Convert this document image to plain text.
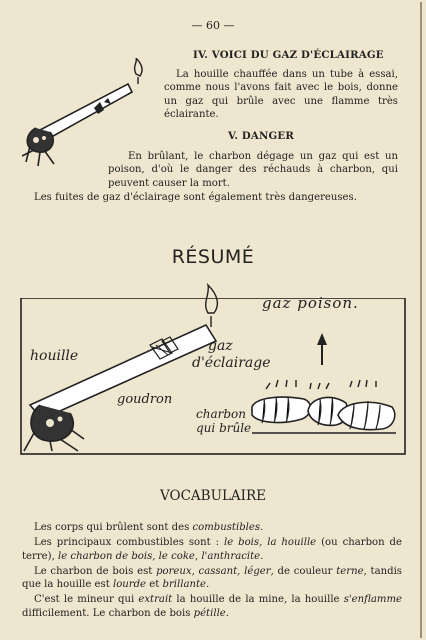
— 60 —
IV. VOICI DU GAZ D'ÉCLAIRAGE
La houille chauffée dans un tube à essai, comme nous l'avons fait avec le bois, donne un gaz qui brûle avec une flamme très éclairante.
V. DANGER
En brûlant, le charbon dégage un gaz qui est un poison, d'où le danger des réchauds à charbon, qui peuvent causer la mort.
Les fuites de gaz d'éclairage sont également très dangereuses.
RÉSUMÉ
gaz poison.
houille
gaz
d'éclairage
goudron
charbon
qui brûle
VOCABULAIRE

Les corps qui brûlent sont des combustibles.

Les principaux combustibles sont : le bois, la houille (ou charbon de terre), le charbon de bois, le coke, l'anthracite.

Le charbon de bois est poreux, cassant, léger, de couleur terne, tandis que la houille est lourde et brillante.

C'est le mineur qui extrait la houille de la mine, la houille s'enflamme difficilement. Le charbon de bois pétille.
